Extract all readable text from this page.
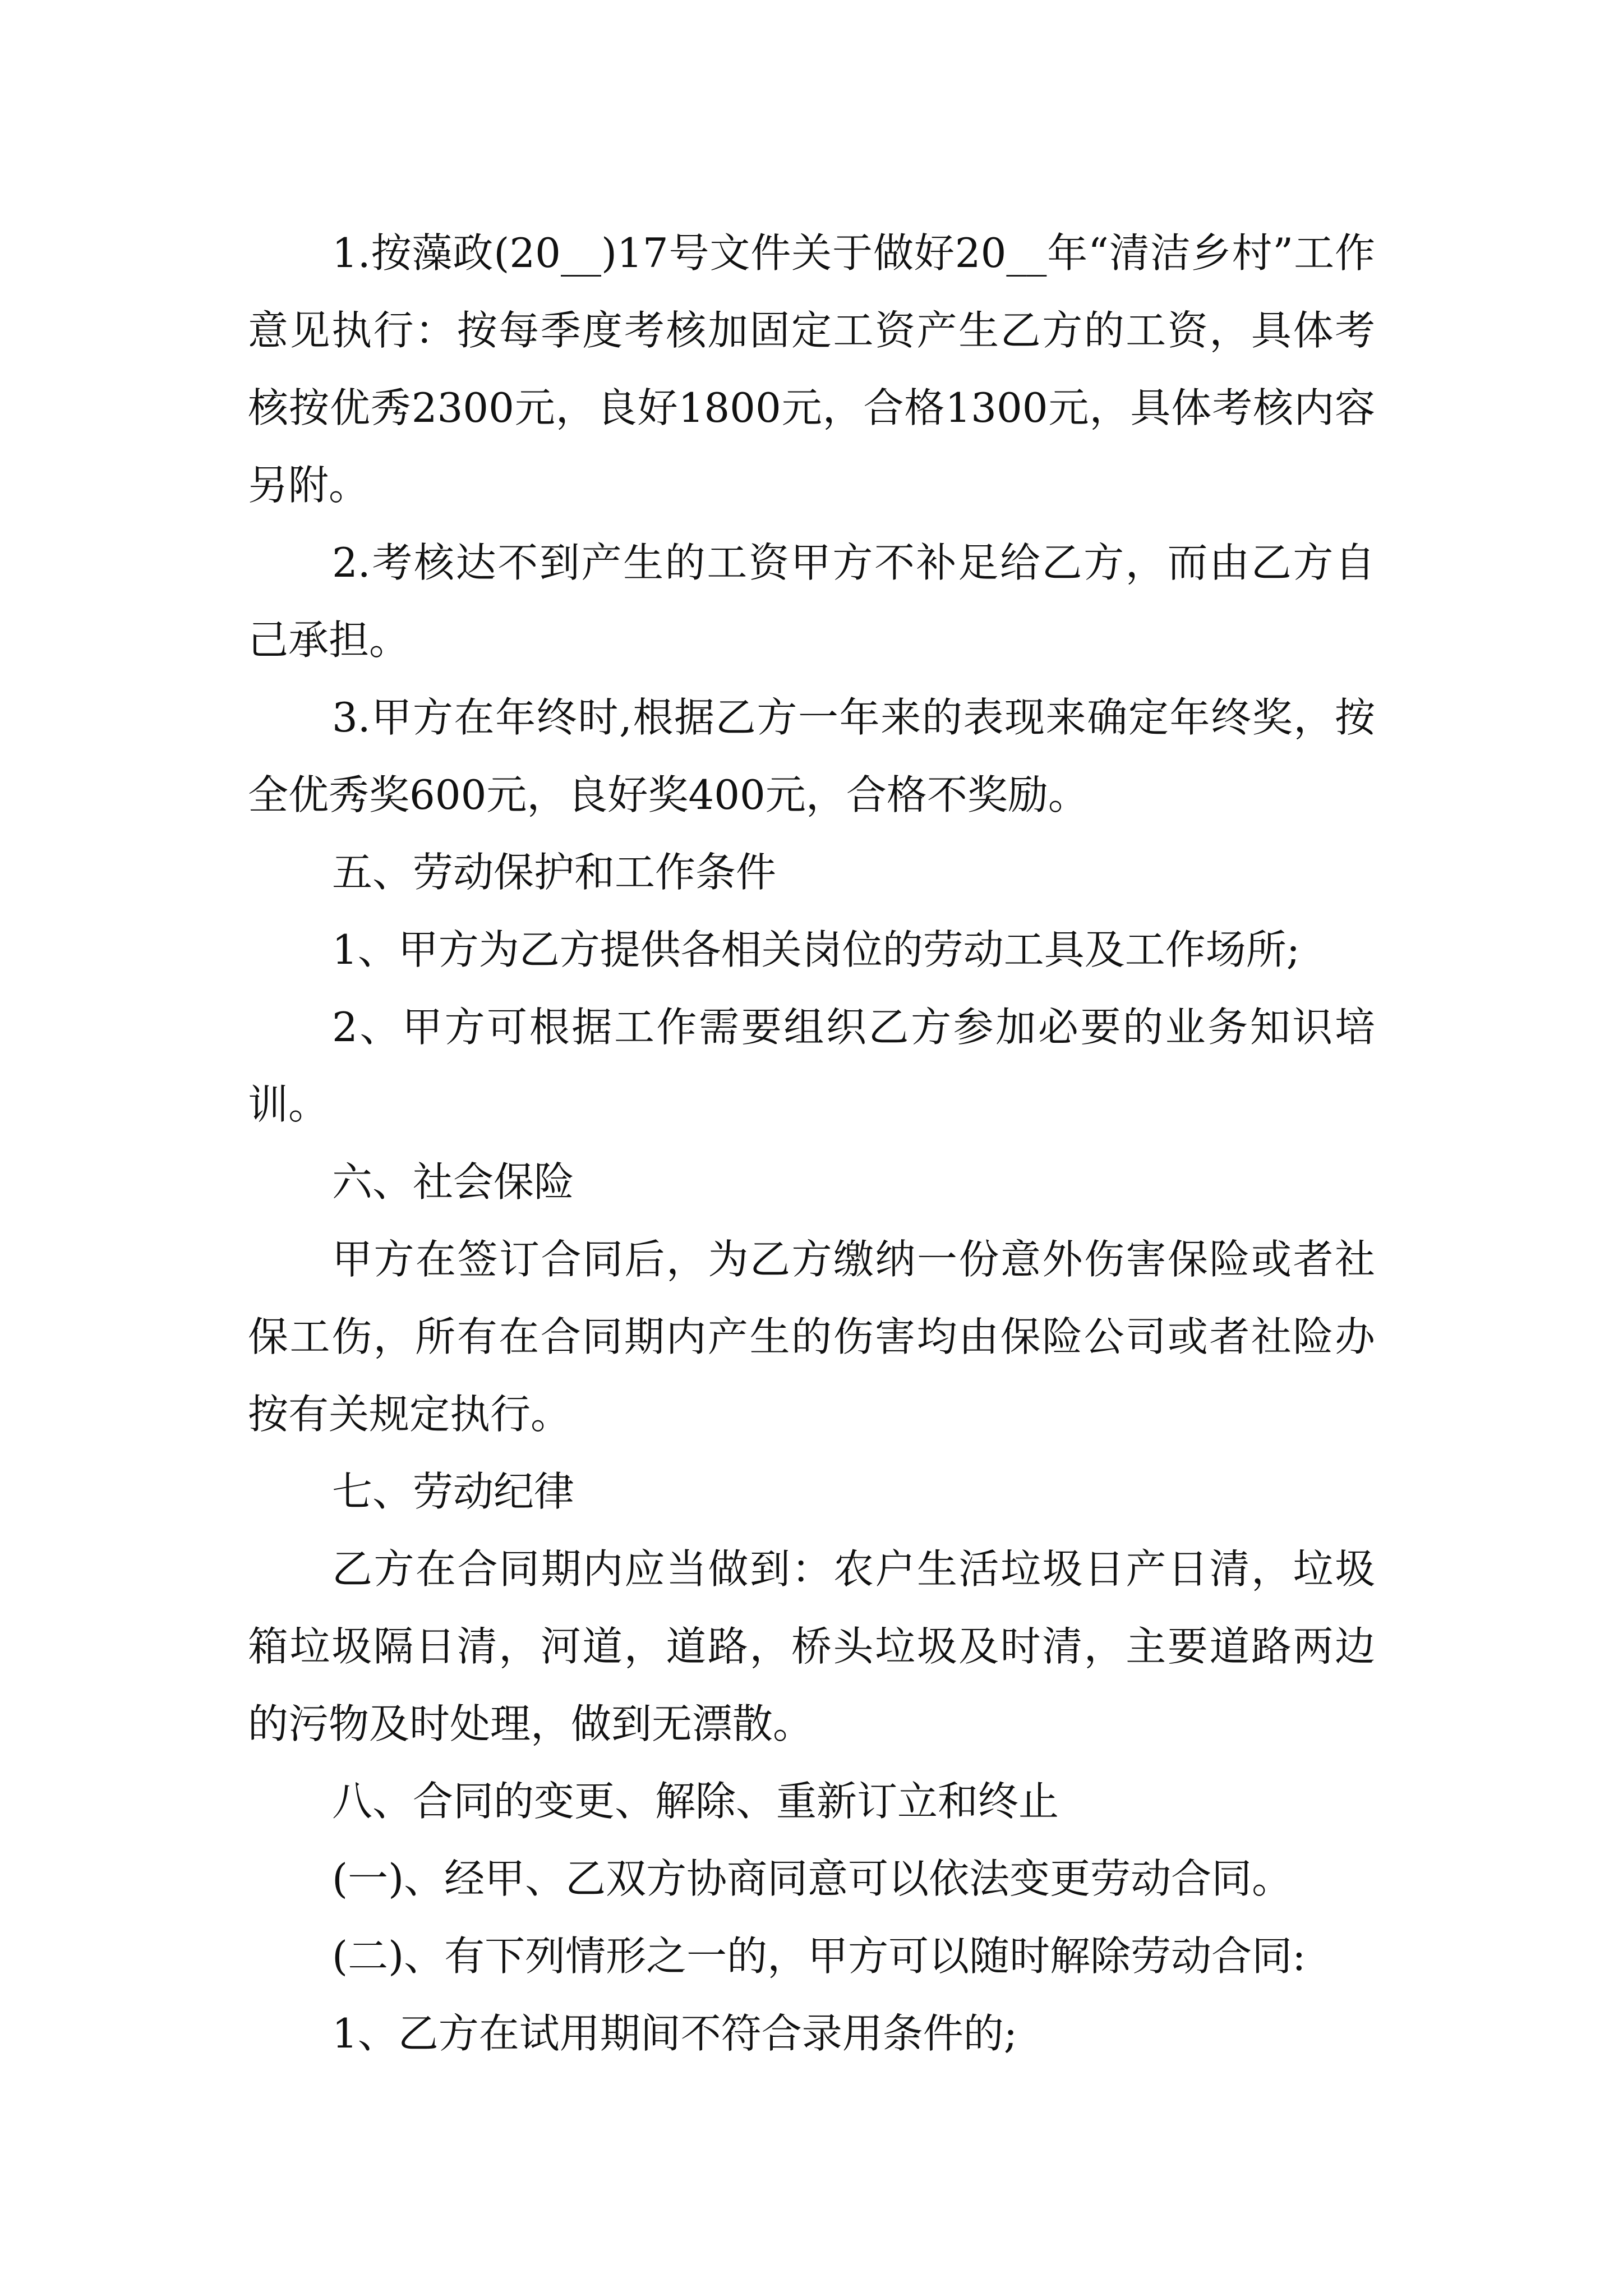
1.按藻政(20__)17号文件关于做好20__年“清洁乡村”工作意见执行：按每季度考核加固定工资产生乙方的工资，具体考核按优秀2300元，良好1800元，合格1300元，具体考核内容另附。

2.考核达不到产生的工资甲方不补足给乙方，而由乙方自己承担。

3.甲方在年终时,根据乙方一年来的表现来确定年终奖，按全优秀奖600元，良好奖400元，合格不奖励。

五、劳动保护和工作条件

1、甲方为乙方提供各相关岗位的劳动工具及工作场所;

2、甲方可根据工作需要组织乙方参加必要的业务知识培训。

六、社会保险

甲方在签订合同后，为乙方缴纳一份意外伤害保险或者社保工伤，所有在合同期内产生的伤害均由保险公司或者社险办按有关规定执行。

七、劳动纪律

乙方在合同期内应当做到：农户生活垃圾日产日清，垃圾箱垃圾隔日清，河道，道路，桥头垃圾及时清，主要道路两边的污物及时处理，做到无漂散。

八、合同的变更、解除、重新订立和终止

(一)、经甲、乙双方协商同意可以依法变更劳动合同。

(二)、有下列情形之一的，甲方可以随时解除劳动合同:

1、乙方在试用期间不符合录用条件的;
